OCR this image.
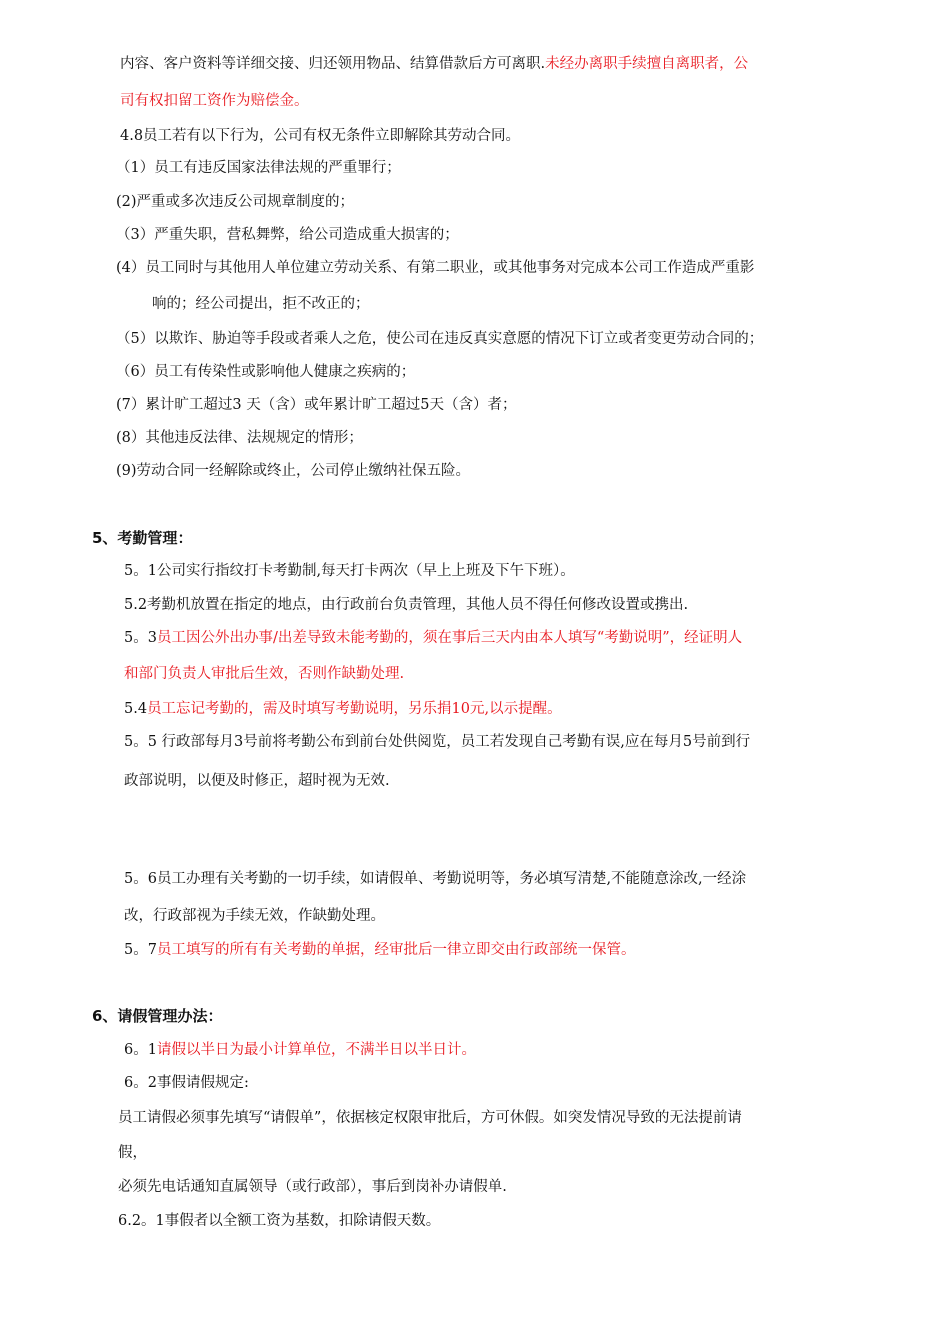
内容、客户资料等详细交接、归还领用物品、结算借款后方可离职.未经办离职手续擅自离职者，公
司有权扣留工资作为赔偿金。
4.8员工若有以下行为，公司有权无条件立即解除其劳动合同。
（1）员工有违反国家法律法规的严重罪行；
(2)严重或多次违反公司规章制度的；
（3）严重失职，营私舞弊，给公司造成重大损害的；
(4）员工同时与其他用人单位建立劳动关系、有第二职业，或其他事务对完成本公司工作造成严重影
响的；经公司提出，拒不改正的；
（5）以欺诈、胁迫等手段或者乘人之危，使公司在违反真实意愿的情况下订立或者变更劳动合同的；
（6）员工有传染性或影响他人健康之疾病的；
(7）累计旷工超过3 天（含）或年累计旷工超过5天（含）者；
(8）其他违反法律、法规规定的情形；
(9)劳动合同一经解除或终止，公司停止缴纳社保五险。
5、考勤管理：
5。1公司实行指纹打卡考勤制,每天打卡两次（早上上班及下午下班）。
5.2考勤机放置在指定的地点，由行政前台负责管理，其他人员不得任何修改设置或携出.
5。3员工因公外出办事/出差导致未能考勤的，须在事后三天内由本人填写“考勤说明”，经证明人
和部门负责人审批后生效，否则作缺勤处理.
5.4员工忘记考勤的，需及时填写考勤说明，另乐捐10元,以示提醒。
5。5 行政部每月3号前将考勤公布到前台处供阅览，员工若发现自己考勤有误,应在每月5号前到行
政部说明，以便及时修正，超时视为无效.
5。6员工办理有关考勤的一切手续，如请假单、考勤说明等，务必填写清楚,不能随意涂改,一经涂
改，行政部视为手续无效，作缺勤处理。
5。7员工填写的所有有关考勤的单据，经审批后一律立即交由行政部统一保管。
6、请假管理办法：
6。1请假以半日为最小计算单位，不满半日以半日计。
6。2事假请假规定:
员工请假必须事先填写“请假单”，依据核定权限审批后，方可休假。如突发情况导致的无法提前请
假，
必须先电话通知直属领导（或行政部），事后到岗补办请假单.
6.2。1事假者以全额工资为基数，扣除请假天数。
